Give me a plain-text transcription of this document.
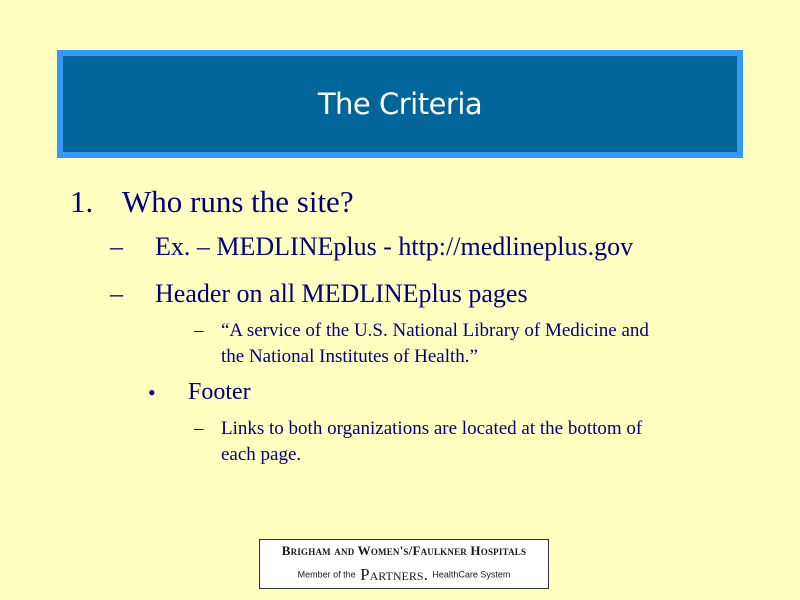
The Criteria
1. Who runs the site?
– Ex. – MEDLINEplus - http://medlineplus.gov
– Header on all MEDLINEplus pages
– “A service of the U.S. National Library of Medicine and
the National Institutes of Health.”
• Footer
– Links to both organizations are located at the bottom of
each page.
Brigham and Women's/Faulkner Hospitals
Member of the Partners. HealthCare System
